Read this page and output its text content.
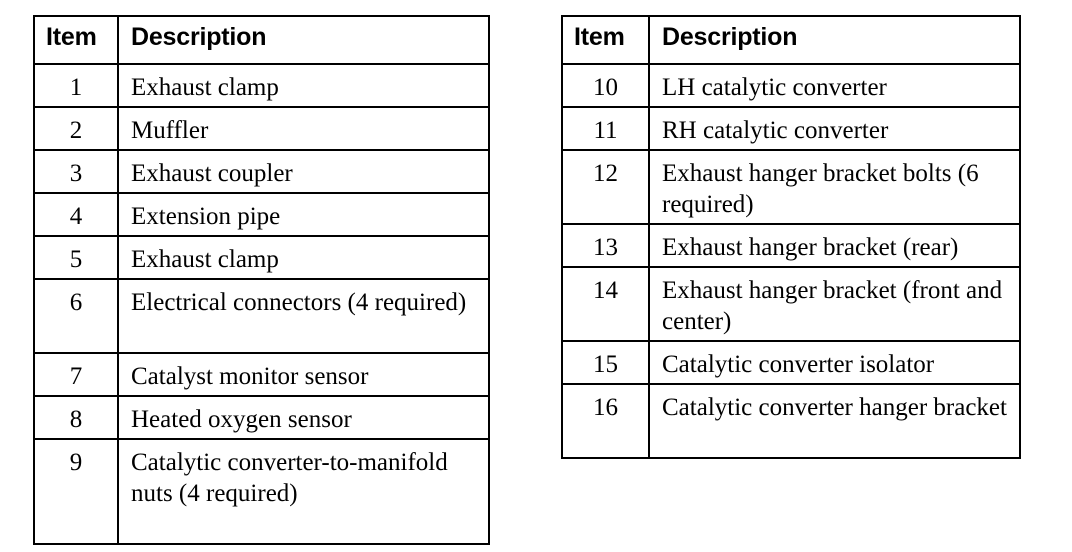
Item	Description
1	Exhaust clamp
2	Muffler
3	Exhaust coupler
4	Extension pipe
5	Exhaust clamp
6	Electrical connectors (4 required)
7	Catalyst monitor sensor
8	Heated oxygen sensor
9	Catalytic converter-to-manifold nuts (4 required)
Item	Description
10	LH catalytic converter
11	RH catalytic converter
12	Exhaust hanger bracket bolts (6 required)
13	Exhaust hanger bracket (rear)
14	Exhaust hanger bracket (front and center)
15	Catalytic converter isolator
16	Catalytic converter hanger bracket
